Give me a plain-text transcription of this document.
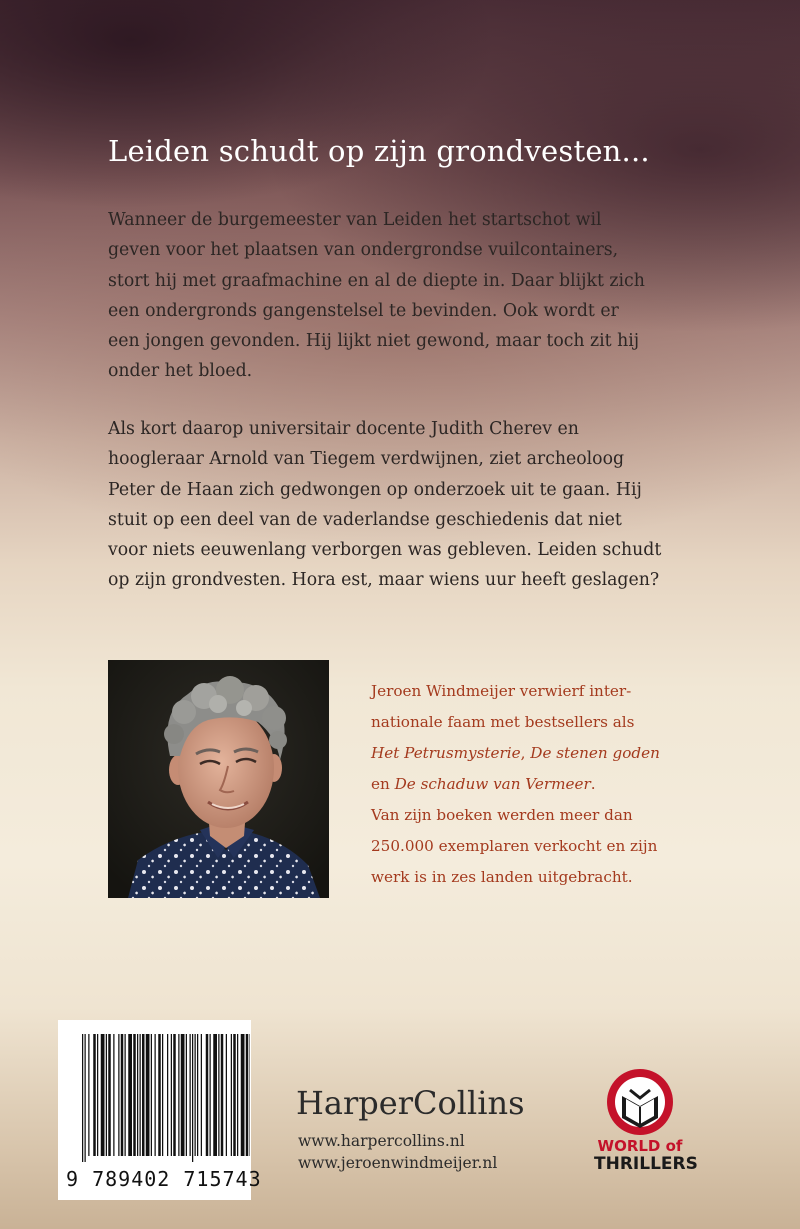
Leiden schudt op zijn grondvesten...

Wanneer de burgemeester van Leiden het startschot wil
geven voor het plaatsen van ondergrondse vuilcontainers,
stort hij met graafmachine en al de diepte in. Daar blijkt zich
een ondergronds gangenstelsel te bevinden. Ook wordt er
een jongen gevonden. Hij lijkt niet gewond, maar toch zit hij
onder het bloed.

Als kort daarop universitair docente Judith Cherev en
hoogleraar Arnold van Tiegem verdwijnen, ziet archeoloog
Peter de Haan zich gedwongen op onderzoek uit te gaan. Hij
stuit op een deel van de vaderlandse geschiedenis dat niet
voor niets eeuwenlang verborgen was gebleven. Leiden schudt
op zijn grondvesten. Hora est, maar wiens uur heeft geslagen?

Jeroen Windmeijer verwierf inter-
nationale faam met bestsellers als
Het Petrusmysterie, De stenen goden
en De schaduw van Vermeer.
Van zijn boeken werden meer dan
250.000 exemplaren verkocht en zijn
werk is in zes landen uitgebracht.
9 789402 715743
HarperCollins
www.harpercollins.nl
www.jeroenwindmeijer.nl
WORLD of
THRILLERS
